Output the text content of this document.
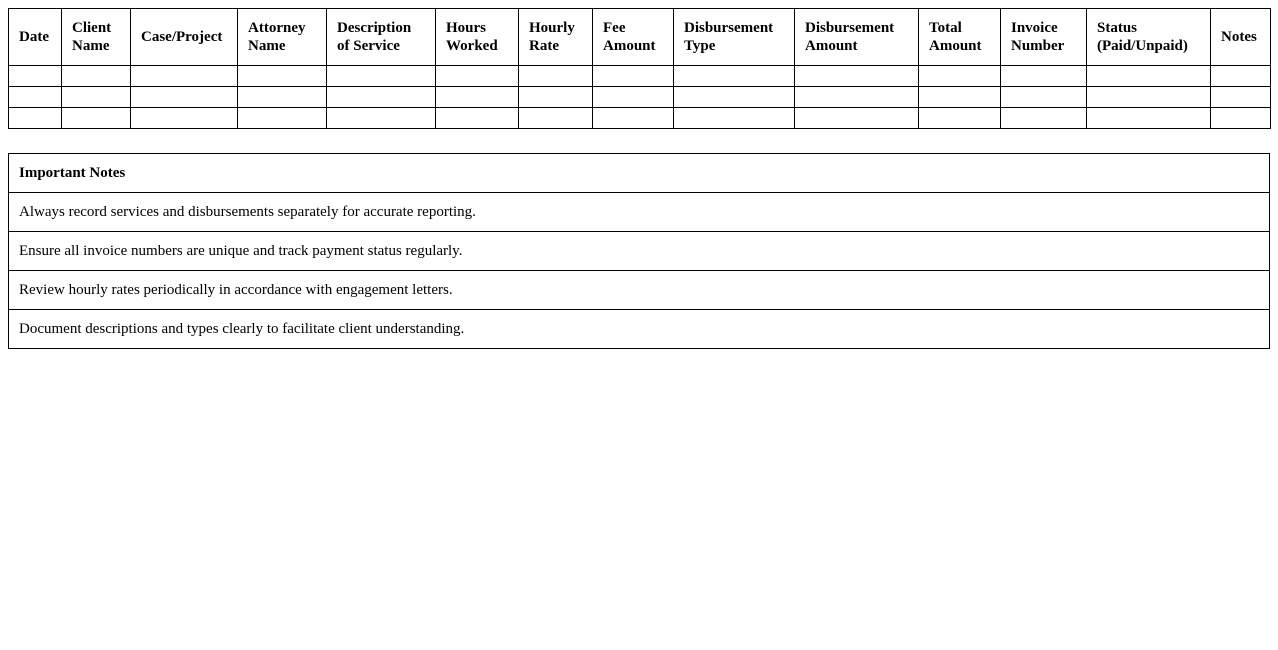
Date	Client Name	Case/Project	Attorney Name	Description of Service	Hours Worked	Hourly Rate	Fee Amount	Disbursement Type	Disbursement Amount	Total Amount	Invoice Number	Status (Paid/Unpaid)	Notes

Important Notes
Always record services and disbursements separately for accurate reporting.
Ensure all invoice numbers are unique and track payment status regularly.
Review hourly rates periodically in accordance with engagement letters.
Document descriptions and types clearly to facilitate client understanding.
